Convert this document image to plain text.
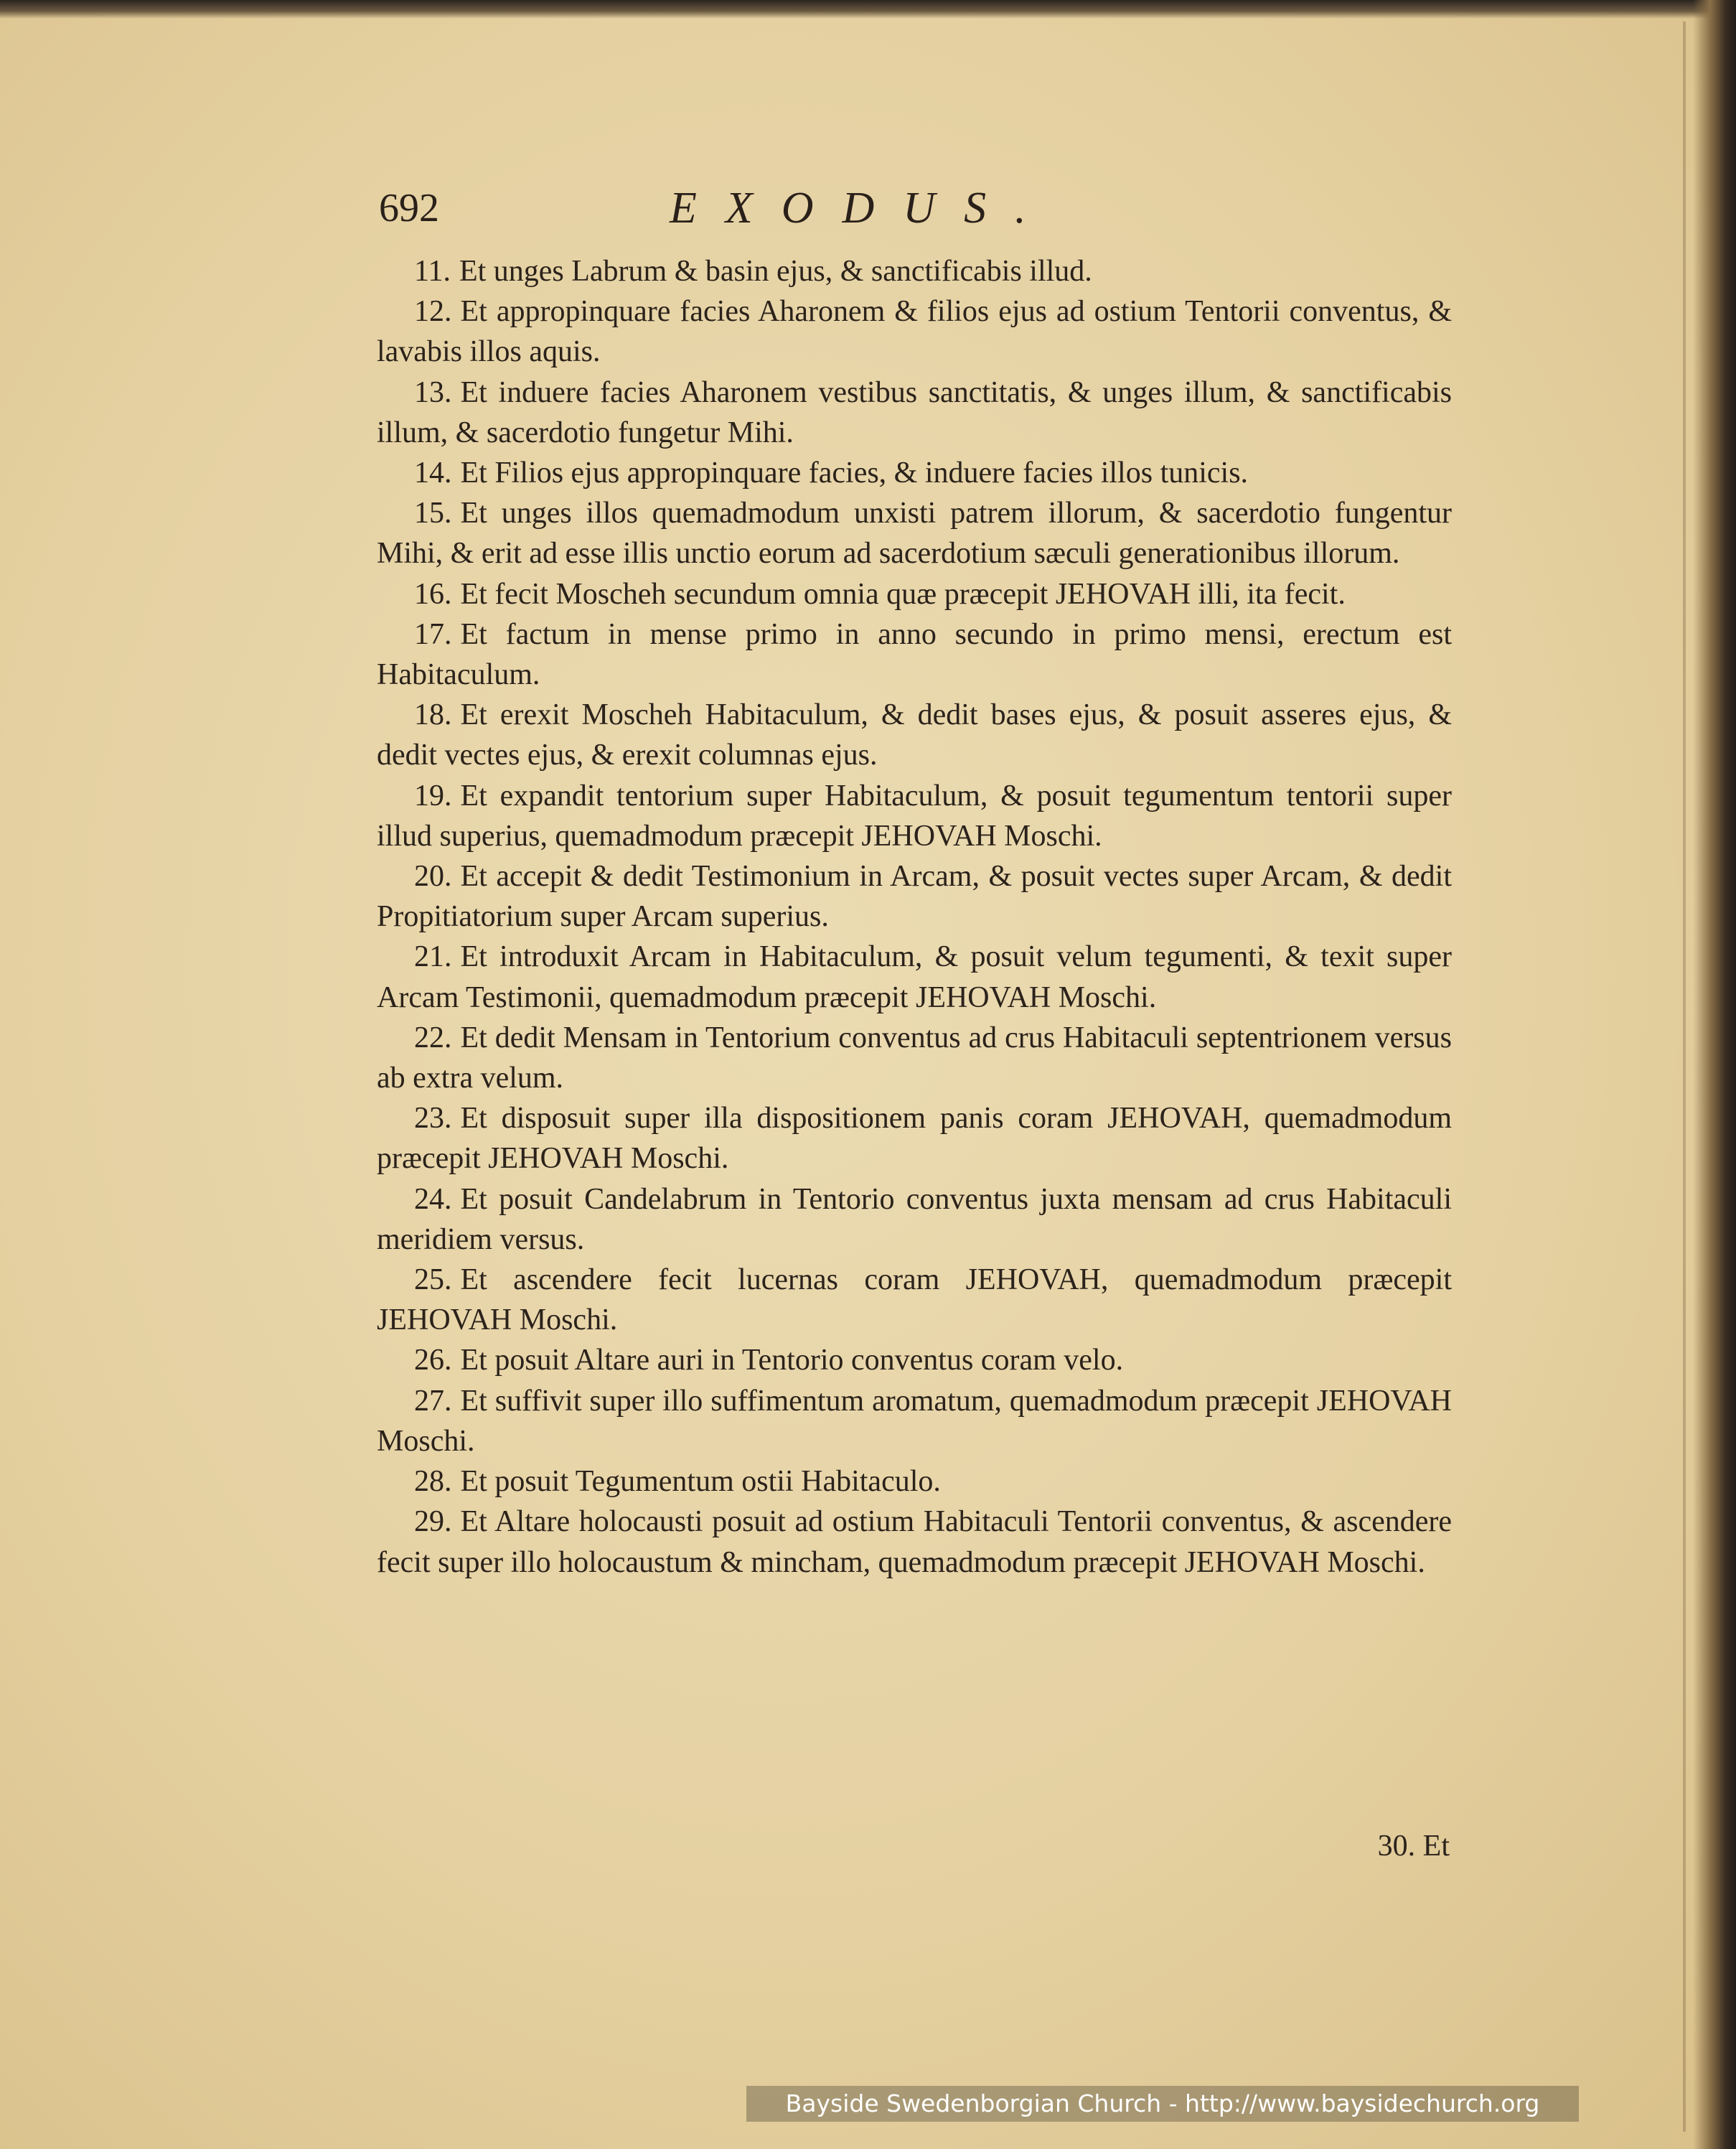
692	EXODUS.

11. Et unges Labrum & basin ejus, & sanctificabis illud.

12. Et appropinquare facies Aharonem & filios ejus ad ostium Tentorii conventus, & lavabis illos aquis.

13. Et induere facies Aharonem vestibus sanctitatis, & unges illum, & sanctificabis illum, & sacerdotio fungetur Mihi.

14. Et Filios ejus appropinquare facies, & induere facies illos tunicis.

15. Et unges illos quemadmodum unxisti patrem illorum, & sacerdotio fungentur Mihi, & erit ad esse illis unctio eorum ad sacerdotium sæculi generationibus illorum.

16. Et fecit Moscheh secundum omnia quæ præcepit JEHOVAH illi, ita fecit.

17. Et factum in mense primo in anno secundo in primo mensi, erectum est Habitaculum.

18. Et erexit Moscheh Habitaculum, & dedit bases ejus, & posuit asseres ejus, & dedit vectes ejus, & erexit columnas ejus.

19. Et expandit tentorium super Habitaculum, & posuit tegumentum tentorii super illud superius, quemadmodum præcepit JEHOVAH Moschi.

20. Et accepit & dedit Testimonium in Arcam, & posuit vectes super Arcam, & dedit Propitiatorium super Arcam superius.

21. Et introduxit Arcam in Habitaculum, & posuit velum tegumenti, & texit super Arcam Testimonii, quemadmodum præcepit JEHOVAH Moschi.

22. Et dedit Mensam in Tentorium conventus ad crus Habitaculi septentrionem versus ab extra velum.

23. Et disposuit super illa dispositionem panis coram JEHOVAH, quemadmodum præcepit JEHOVAH Moschi.

24. Et posuit Candelabrum in Tentorio conventus juxta mensam ad crus Habitaculi meridiem versus.

25. Et ascendere fecit lucernas coram JEHOVAH, quemadmodum præcepit JEHOVAH Moschi.

26. Et posuit Altare auri in Tentorio conventus coram velo.

27. Et suffivit super illo suffimentum aromatum, quemadmodum præcepit JEHOVAH Moschi.

28. Et posuit Tegumentum ostii Habitaculo.

29. Et Altare holocausti posuit ad ostium Habitaculi Tentorii conventus, & ascendere fecit super illo holocaustum & mincham, quemadmodum præcepit JEHOVAH Moschi.

30. Et
Bayside Swedenborgian Church - http://www.baysidechurch.org
